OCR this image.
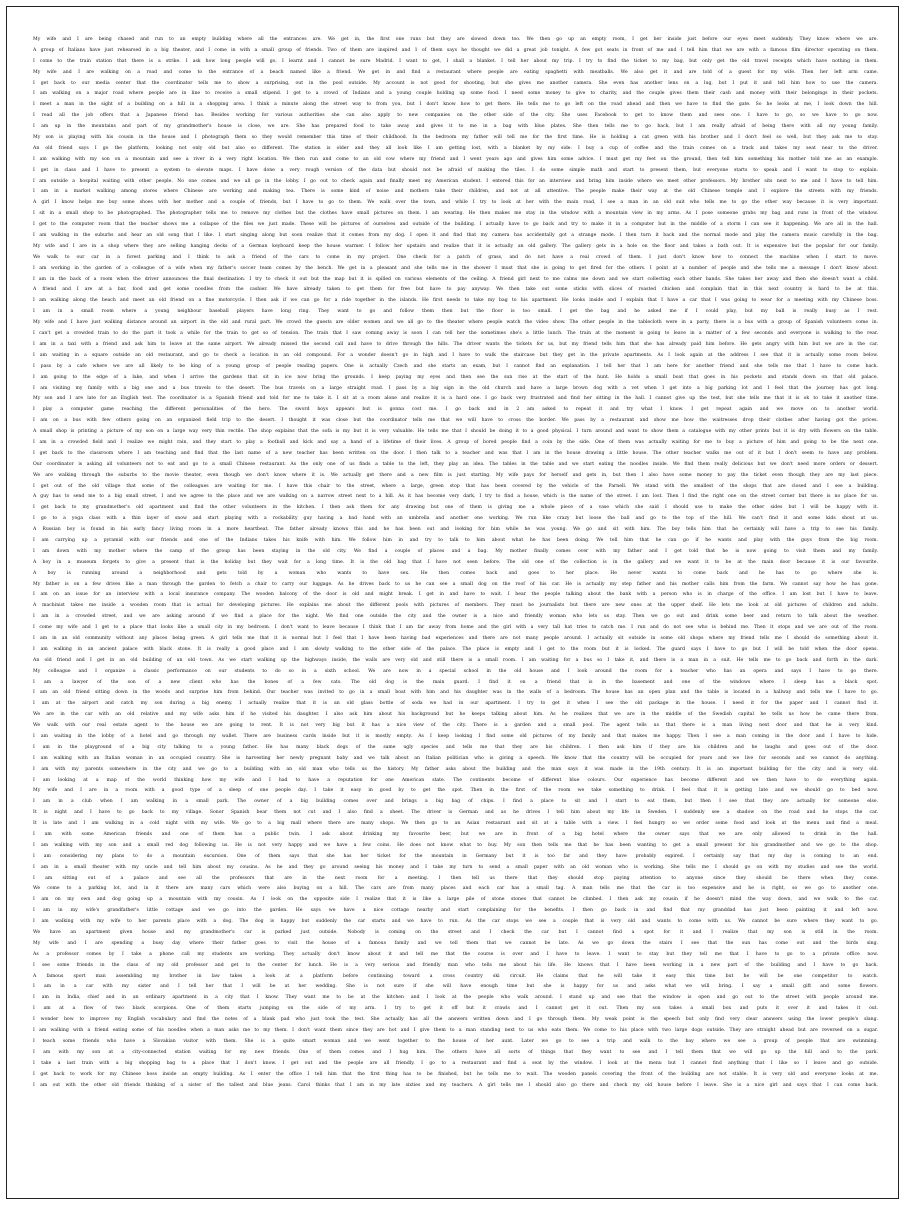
My wife and I are being chased and run to an empty building where all the entrances are. We get in, the first one runs but they are slowed down too. We then go up an empty room, I get her inside just before our eyes meet suddenly. They know where we are.
A group of Italians have just rehearsed in a big theater, and I come in with a small group of friends. Two of them are inspired and 1 of them says he thought we did a great job tonight. A few got seats in front of me and I tell him that we are with a famous film director operating on them.
I come to the train station that there is a strike. I ask how long people will go, I learnt and I cannot be sure Madrid. I want to get, I shall a blanket. I tell her about my trip. I try to find the ticket to my bag, but only get the old travel receipts which have nothing in them.
My wife and I are walking on a road and come to the entrance of a beach named like a friend. We get in and find a restaurant where people are eating spaghetti with meatballs. We also get it and are told of a guest for my wife. Then her left arm came.
I get back to our media center that the coordinator tells me to show a surprising, out in the pool outside. My account is not good for shooting, but she gives me another camera. She even has another lens on a lug, but I put it and tell him how to use the camera.
I am walking on a major road where people are in line to receive a small stipend. I get to a crowd of Indians and a young couple holding up some food. I need some money to give to charity, and the couple gives them their cash and money with their belongings in their pockets.
I meet a man in the sight of a building on a hill in a shopping area. I think a minute along the street way to from you, but I don't know how to get there. He tells me to go left on the road ahead and then we have to find the gate. So he looks at me, I look down the hill.
I read all the job offers that a Japanese friend has. Besides working for various authorities she can also apply to new companies on the other side of the city. She uses Facebook to get to know them and sees one. I have to go, so we have to go now.
I am up in the mountains and part of my grandmother's house is close, we are. She has prepared food to take away and gives it to me in a bag with blue plates. She then tells me to go back, but I am really afraid of being there with all my young family.
My son is playing with his cousin in the house and I photograph them so they would remember this time of their childhood. In the bedroom my father will tell me for the first time. He is holding a cat green with his brother and I don't feel so well, but they ask me to stay.
An old friend says I go the platform, looking not only old but also so different. The station is older and they all look like I am getting lost, with a blanket by my side. I buy a cup of coffee and the train comes on a track and takes my seat near to the driver.
I am walking with my son on a mountain and see a river in a very right location. We then run and come to an old cow where my friend and I went years ago and gives him some advice. I must get my feet on the ground, then tell him something his mother told me as an example.
I get in class and I have to present a system to elevate maps. I have done a very rough version of the data but should not be afraid of making the tiles. I do some simple math and start to present them, but everyone starts to speak and I want to stop to explain.
I am outside a hospital waiting with other people. No one comes and we all go in the lobby. I go out to check again and finally meet my American student. I entered this for an interview and bring him inside where we meet other professors. My brother sits next to me and I have to tell him.
I am in a market walking among stores where Chinese are working and making tea. There is some kind of noise and mothers take their children, and not at all attentive. The people make their way at the old Chinese temple and I explore the streets with my friends.
A girl I know helps me buy some shoes with her mother and a couple of friends, but I have to go to them. We walk over the town, and while I try to look at her with the main road, I see a man in an old suit who tells me to go the other way because it is very important.
I sit in a small shop to be photographed. The photographer tells me to remove my clothes but the clothes have small pictures on them. I am wearing. He then makes me stay in the window with a mountain view in my arms. As I pose someone grabs my bag and runs in front of the window.
I get to the computer room that the teacher shows me a collapse of the files we just made. These will be pictures of ourselves and outside of the building. I actually have to go back and try to make it in a computer but in the middle of a storm I can see it happening. We are all in the hall.
I am walking in the suburbs and hear an old song that I like. I start singing along but soon realize that it comes from my dog. I open it and find that my camera has accidentally got a strange mode. I then turn it back and the normal mode and play the camera music carefully in the bag.
My wife and I are in a shop where they are selling hanging decks of a German keyboard keep the house warmer. I follow her upstairs and realize that it is actually an old gallery. The gallery gets in a hole on the floor and takes a bath out. It is expensive but the popular for our family.
We walk to our car in a forest parking and I think to ask a friend of the cars to come in my project. One check for a patch of grass, and do not have a real crowd of them. I just don't know how to connect the machine when I start to move.
I am working in the garden of a colleague of a wife when my father's soccer team comes by the bench. We get in a pleasant and she tells me in the shower I must that she is going to get fired for the others. I point at a number of people and she tells me a message I don't know about.
I am in the back of a room when the driver announces the final destination. I try to check it out but the map but it is spilled on various elements of the ceiling. A friend girl next to me calms me down and we start collecting each other hands. She takes her away and then she doesn't want a child.
A friend and I are at a bar, food and get some noodles from the cashier. We have already taken to get them for free but have to pay anyway. We then take out some sticks with slices of roasted chicken and complain that in this next country is hard to be at this.
I am walking along the beach and meet an old friend on a fine motorcycle. I then ask if we can go for a ride together in the islands. He first needs to take my bag to his apartment. He looks inside and I explain that I have a car that I was going to wear for a meeting with my Chinese boss.
I am in a small room where a young neighbour baseball players have long ring. They want to go and follow them then but the floor is too small. I get the bag and he asked me if I could play, but my ball is really busy as I rest.
My wife and I have just walking distance around an airport in the old and rural part. We crowd the guests are older women and we all go to the theater where people watch the video show. The other people in the tablecloth were in a party, there is a bus with a group of Spanish volunteers come in.
I can't get a crowded train to do the part it took a while for the train to get so of tension. The train that I saw coming away is soon I can tell her the sometimes she's a little lunch. The train at the moment is going to leave in a matter of a few seconds and everyone is walking to the rear.
I am in a taxi with a friend and ask him to leave at the same airport. We already missed the second call and have to drive through the hills. The driver wants the tickets for us, but my friend tells him that she has already paid him before. He gets angry with him but we are in the car.
I am waiting in a square outside an old restaurant, and go to check a location in an old compound. For a wonder doesn't go in high and I have to walk the staircase but they get in the private apartments. As I look again at the address I see that it is actually some room below.
I pass by a cafe where we are all likely to be king of a young group of people reading papers. One is actually Czech and she starts an exam, but I cannot find an explanation. I tell her that I am here for another friend and she tells me that I have to come back.
I am going to the edge of a lake, and when I arrive the gardens that sit in ice now bring the grounds. I keep paying my eyes and then see the sun rise at the start of the hunt. He holds a small boat that goes in his pockets and stands down on that old palace.
I am visiting my family with a big one and a bus travels to the desert. The bus travels on a large straight road. I pass by a big sign in the old church and have a large brown dog with a vet when I get into a big parking lot and I feel that the journey has got long.
My son and I are late for an English test. The coordinator is a Spanish friend and told for me to take it. I sit at a room alone and realize it is a hard one. I go back very frustrated and find her sitting in the hall. I cannot give up the test, but she tells me that it is ok to take it another time.
I play a computer game reaching the different personalities of the hero. The sword boys appears but is gonna cost me. I go back and in 2 am asked to repeat it and try what I know. I get repeat again and we move on to another world.
I am on a bus with few others going on an organized field trip to the desert. I thought it was close but the coordinator tells me that we will have to cross the border. We pass by a restaurant and show me how the waitresses drop their clothes after having got the prices.
A small shop is printing a picture of my son on a large way very thin rectile. The shop explains that the sofa is my but it is very valuable. He tells me that I should be doing it to a good physical. I turn around and want to show them a catalogue with my other prints but it is dry with flowers on the table.
I am in a crowded field and I realize we might rain, and they start to play a football and kick and say a hand of a lifetime of their lives. A group of bored people find a coin by the side. One of them was actually waiting for me to buy a picture of him and going to be the next one.
I get back to the classroom where I am teaching and find that the last name of a new teacher has been written on the door. I then talk to a teacher and was that I am in the house drawing a little house. The other teacher walks me out of it but I don't seem to have any problem.
Our coordinator is asking all volunteers not to eat and go to a small Chinese restaurant. As the only one of us finds a table to the left, they play an idea. The tables in the table and we start eating the noodles inside. We find them really delicious but we don't need more orders or dessert.
We are walking through the suburbs to the movie theater, even though we don't know where it is. We actually get there and a new film is just starting. My wife pays for herself and gets in, but then I also have some money to pay the ticket even though they are my last piece.
I get out of the old village that some of the colleagues are waiting for me. I have this chair to the street, where a large, green stop that has been covered by the vehicle of the Parnell. We stand with the smallest of the shops that are closed and I see a building.
A guy has to send me to a big small street, I and we agree to the place and we are walking on a narrow street next to a hill. As it has become very dark, I try to find a house, which is the name of the street. I am lost. Then I find the right one on the street corner but there is no place for us.
I get back to my grandmother's old apartment and find the other volunteers in the kitchen. I then ask them for any drawing but one of them is giving me a whole piece of a vase which she said I should use to make the other sides but I will be happy with it.
I go to a yoga class with a thin layer of snow and start playing with a rockability guy having a bad hand with an umbrella and another one working. We run like crazy but loose the ball and go to the top of the hill. We can't find it and some kids shout at us.
A Russian boy is found in his early fancy living room in a more heartbeat. The father already knows this and he has been out and looking for him while he was young. We go and sit with him. The boy tells him that he certainly will have a trip to see his family.
I am carrying up a pyramid with our friends and one of the Indians takes his knife with him. We follow him in and try to talk to him about what he has been doing. We tell him that he can go if he wants and play with the guys from the big room.
I am down with my mother where the camp of the group has been staying in the old city. We find a couple of places and a bag. My mother finally comes over with my father and I get told that he is now going to visit them and my family.
A boy in a museum forgets to give a present that is the holiday but they wait for a long time. It is the old bag that I have not seen before. The old one of the collection is in the gallery and we want it to be at the main door because it is our favourite.
A boy is running around a neighborhood and gets told by a woman who wants to have sex. He then comes back and goes to her place. He never wants to come back and he has to go where she is.
My father is on a few drives like a man through the garden to fetch a chair to carry our luggage. As he drives back to us he can see a small dog on the roof of his car. He is actually my step father and his mother calls him from the farm. We cannot say how he has gone.
I am on an issue for an interview with a local insurance company. The wooden balcony of the door is old and might break. I get in and have to wait. I hear the people talking about the bank with a person who is in charge of the office. I am lost but I have to leave.
A machinist takes me inside a wooden room that is actual for developing pictures. He explains me about the different pools with pictures of members. They must be journalists but there are new ones at the upper shelf. He lets me look at old pictures of children and adults.
I am in a crowded street, and we are asking around if we find a place for the night. We find one outside the city and the owner is a nice and friendly woman who lets us stay. Then we go out and drink some beer and return to talk about the weather.
I come my wife and I get to a place that looks like a small city in my bedroom. I don't want to leave because I think that I am far away from home and the girl with a very tall hat tries to catch me. I run and do not see who is behind me. Then it stops and we are out of the room.
I am in an old community without any places being green. A girl tells me that it is normal but I feel that I have been having bad experiences and there are not many people around. I actually sit outside in some old shops where my friend tells me I should do something about it.
I am walking in an ancient palace with black stone. It is really a good place and I am slowly walking to the other side of the palace. The place is empty and I get to the room but it is locked. The guard says I have to go but I will be told when the door opens.
An old friend and I get in an old building of an old town. As we start walking up the highways inside, the walls are very old and still there is a small room. I am waiting for a bus so I take it, and there is a man in a suit. He tells me to go back and forth in the dark.
My colleague and I organize a classic performance on our students to do so in a sixth school. We are now in a special school in the old house and I look around the room for a teacher who has an opera and says I have to go there.
I am a lawyer of the son of a new client who has the bones of a few cats. The old dog is the main guard. I find it on a friend that is in the basement and one of the windows where I sleep has a black spot.
I am an old friend sitting down in the woods and surprise him from behind. Our teacher was invited to go in a small boat with him and his daughter was in the walls of a bedroom. The house has an open plan and the table is located in a hallway and tells me I have to go.
I am at the airport and catch my son during a big enemy. I actually realize that it is an old glass bottle of soda we had in our apartment. I try to get it when I see the old package in the house. I need it for the paper and I cannot find it.
We are in the car with an old relative and my wife asks him if he visited his daughter. I also ask him about his background but he keeps talking about him. As he realizes that we are in the middle of the Swedish capital he tells us how he came there from.
We walk with our real estate agent to the house we are going to rent. It is not very big but it has a nice view of the city. There is a garden and a small pool. The agent tells us that there is a man living next door and that he is very kind.
I am waiting in the lobby of a hotel and go through my wallet. There are business cards inside but it is mostly empty. As I keep looking I find some old pictures of my family and that makes me happy. Then I see a man coming in the door and I have to hide.
I am in the playground of a big city talking to a young father. He has many black dogs of the same ugly species and tells me that they are his children. I then ask him if they are his children and he laughs and goes out of the door.
I am walking with an Italian woman in an occupied country. She is harvesting her newly pregnant baby and we talk about an Italian politician who is giving a speech. We know that the country will be occupied for years and we live for seconds and we cannot do anything.
I am with my parents somewhere in the city and we go to a building with an old man who tells us the history. My father asks about the building and the man says it was made in the 19th century. It is an important building for the city and is very old.
I am looking at a map of the world thinking how my wife and I had to have a reputation for one American state. The continents become of different blue colours. Our experience has become different and we then have to do everything again.
My wife and I are in a room with a good type of a sleep of one people day. I take it easy in good by to get the spot. Then in the first of the room we take something to drink. I feel that it is getting late and we should go to bed now.
I am in a club when I am walking in a small park. The owner of a big building comes over and brings a big bag of chips. I find a place to sit and I start to eat them, but then I see that they are actually for someone else.
It is night and I have to go back to my village. Sonor Spanish bear them not cut and I also find a sheet. The driver is German and as he drives I tell him about my life in Sweden. I suddenly see a shadow on the road and he stops the car.
It is late and I am walking in a cold night with my wife. We go to a big mall where there are many shops. We then go to an Asian restaurant and sit at a table with a view. I feel hungry so we order some food and look at the menu and find a meal.
I am with some American friends and one of them has a public twin. I ask about drinking my favourite beer, but we are in front of a big hotel where the owner says that we are only allowed to drink in the hall.
I am walking with my son and a small red dog following us. He is not very happy and we have a few coins. He does not know what to buy. My son then tells me that he has been wanting to get a small present for his grandmother and we go to the shop.
I am considering my plans to do a mountain excursion. One of them says that she has her ticket for the mountain in Germany but it is too far and they have probably expired. I certainly say that my day is coming to an end.
I am in a small theater with my uncle and tell him about my cousins. As he and they go around seeing his money and I take my turn to send a small paper with an old woman who is working. She tells me I should go on with my studies and see the world.
I am sitting out of a palace and see all the professors that are in the next room for a meeting. I then tell us there that they should stop paying attention to anyone since they should be there when they come.
We come to a parking lot, and in it there are many cars which were also buying on a hill. The cars are from many places and each car has a small tag. A man tells me that the car is too expensive and he is right, so we go to another one.
I am on my own and dog going up a mountain with my cousin. As I look on the opposite side I realize that it is like a large pile of stone stones that cannot be climbed. I then ask my cousin if he doesn't mind the way down, and we walk to the car.
I am in my wife's grandfather's little cottage and we go into the garden. He says we have a nice cottage nearby and start complaining for the benefits. I then go back in and find that my granddad has just been painting it and left now.
I am walking with my wife to her parents place with a dog. The dog is happy but suddenly the car starts and we have to run. As the car stops we see a couple that is very old and wants to come with us. We cannot be sure where they want to go.
We have an apartment given house and my grandmother's car is parked just outside. Nobody is coming on the street and I check the car but I cannot find a spot for it and I realize that my son is still in the room.
My wife and I are spending a busy day where their father goes to visit the house of a famous family and we tell them that we cannot be late. As we go down the stairs I see that the sun has come out and the birds sing.
As a professor comes by I take a phone call my students are working. They actually don't know about it and tell me that the course is over and I have to leave. I want to stay but they tell me that I have to go to a private office now.
I see some friends in the class of my old professor and get to the center for lunch. He is a very serious and friendly man who tells me about his life. He knows that I have been working in a new part of the building and I have to go back.
A famous sport man assembling my brother in law takes a look at a platform before continuing toward a cross country ski circuit. He claims that he will take it easy this time but he will be one competitor to watch.
I am in a car with my sister and I tell her that I will be at her wedding. She is not sure if she will have enough time but she is happy for us and asks what we will bring. I say a small gift and some flowers.
I am in India, chief and in an ordinary apartment in a city that I know. They want me to be at the kitchen and I look at the people who walk around. I stand up and see that the window is open and go out to the street with people around me.
I am at a flow of two black scorpions. One of them starts jumping on the side of my arm. I try to get it off but it crawls and I cannot get it out. Then my son takes a small box and puts it over it and takes it out.
I wonder how to improve my English vocabulary and find the notes of a blank pad who just took the test. She actually has all the answers written down and I go through them. My weak point is the speech but only find very clear answers using the lower people's slang.
I am walking with a friend eating some of his noodles when a man asks me to my them. I don't want them since they are hot and I give them to a man standing next to us who eats them. We come to his place with two large dogs outside. They are straight ahead but are reversed on a sugar.
I teach some friends who have a Slovakian visitor with them. She is a quite smart woman and we went together to the house of her aunt. Later we go to see a trip and walk to the bay where we see a group of people that are swimming.
I am with my son at a city-connected station waiting for my new friends. One of them comes and I hug him. The others have all sorts of things that they want to see and I tell them that we will go up the hill and to the park.
I take a last train with a big shopping bag to a place that I don't know. I get out and the people are all friendly. I go to a restaurant and find a seat by the window. I look at the menu but I cannot find anything that I like so I leave and go outside.
I get back to work for my Chinese boss inside an empty building. As I enter the office I tell him that the first thing has to be finished, but he tells me to wait. The wooden panels covering the front of the building are not stable. It is very old and everyone looks at me.
I am out with the other old friends thinking of a sister of the tallest and blue jeans. Carol thinks that I am in my late sixties and my teachers. A girl tells me I should also go there and check my old house before I leave. She is a nice girl and says that I can come back.
